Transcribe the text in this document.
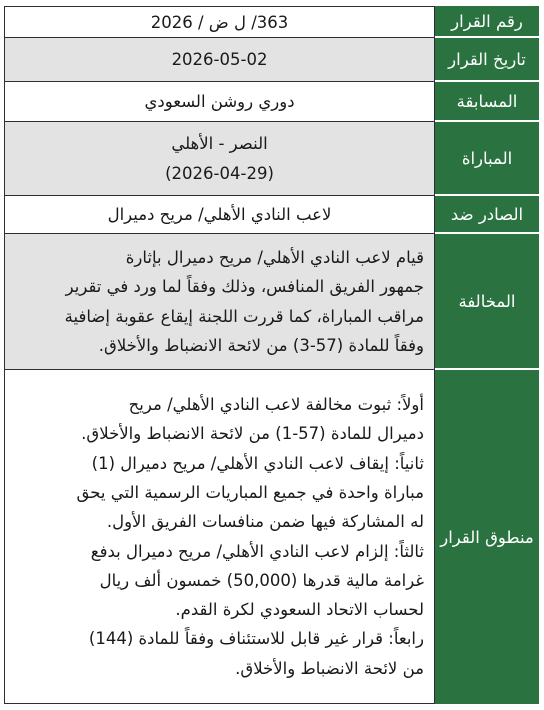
رقم القرار
363/ ل ض / 2026
تاريخ القرار
2026-05-02
المسابقة
دوري روشن السعودي
المباراة
النصر - الأهلي
(2026-04-29)
الصادر ضد
لاعب النادي الأهلي/ مريح دميرال
المخالفة
قيام لاعب النادي الأهلي/ مريح دميرال بإثارة
جمهور الفريق المنافس، وذلك وفقاً لما ورد في تقرير
مراقب المباراة، كما قررت اللجنة إيقاع عقوبة إضافية
وفقاً للمادة (57-3) من لائحة الانضباط والأخلاق.
منطوق القرار
أولاً: ثبوت مخالفة لاعب النادي الأهلي/ مريح
دميرال للمادة (57-1) من لائحة الانضباط والأخلاق.
ثانياً: إيقاف لاعب النادي الأهلي/ مريح دميرال (1)
مباراة واحدة في جميع المباريات الرسمية التي يحق
له المشاركة فيها ضمن منافسات الفريق الأول.
ثالثاً: إلزام لاعب النادي الأهلي/ مريح دميرال بدفع
غرامة مالية قدرها (50,000) خمسون ألف ريال
لحساب الاتحاد السعودي لكرة القدم.
رابعاً: قرار غير قابل للاستئناف وفقاً للمادة (144)
من لائحة الانضباط والأخلاق.
